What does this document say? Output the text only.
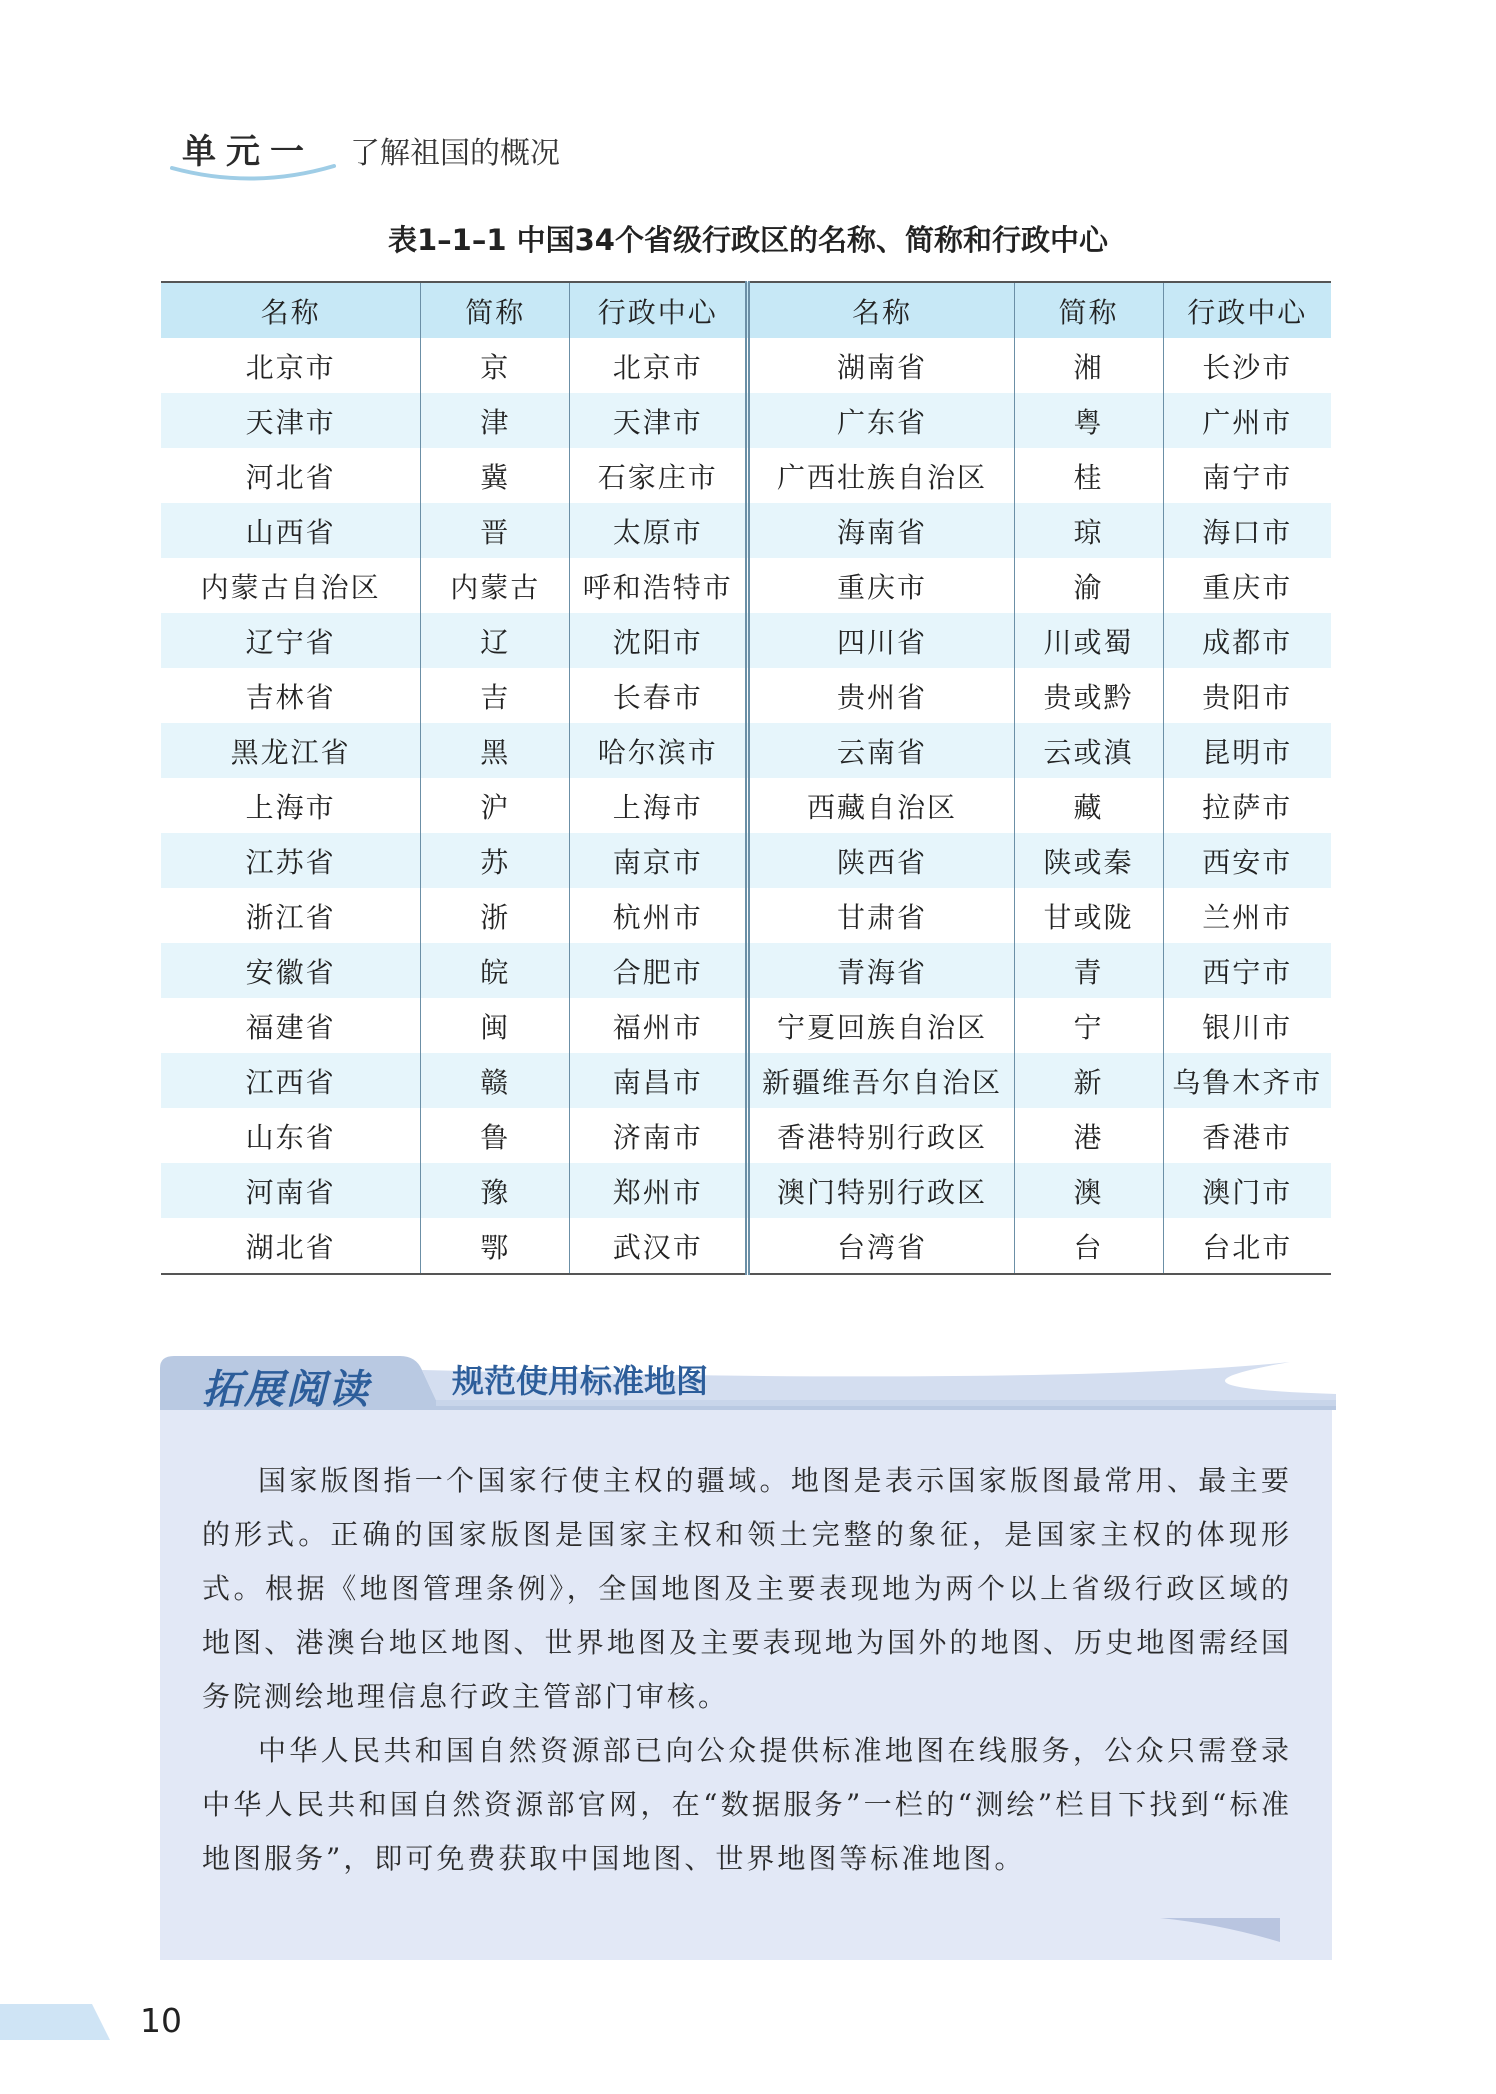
单元一 了解祖国的概况
表1–1–1 中国34个省级行政区的名称、简称和行政中心
名称	简称	行政中心	名称	简称	行政中心
北京市	京	北京市	湖南省	湘	长沙市
天津市	津	天津市	广东省	粤	广州市
河北省	冀	石家庄市	广西壮族自治区	桂	南宁市
山西省	晋	太原市	海南省	琼	海口市
内蒙古自治区	内蒙古	呼和浩特市	重庆市	渝	重庆市
辽宁省	辽	沈阳市	四川省	川或蜀	成都市
吉林省	吉	长春市	贵州省	贵或黔	贵阳市
黑龙江省	黑	哈尔滨市	云南省	云或滇	昆明市
上海市	沪	上海市	西藏自治区	藏	拉萨市
江苏省	苏	南京市	陕西省	陕或秦	西安市
浙江省	浙	杭州市	甘肃省	甘或陇	兰州市
安徽省	皖	合肥市	青海省	青	西宁市
福建省	闽	福州市	宁夏回族自治区	宁	银川市
江西省	赣	南昌市	新疆维吾尔自治区	新	乌鲁木齐市
山东省	鲁	济南市	香港特别行政区	港	香港市
河南省	豫	郑州市	澳门特别行政区	澳	澳门市
湖北省	鄂	武汉市	台湾省	台	台北市
拓展阅读	规范使用标准地图

国家版图指一个国家行使主权的疆域。地图是表示国家版图最常用、最主要的形式。正确的国家版图是国家主权和领土完整的象征，是国家主权的体现形式。根据《地图管理条例》，全国地图及主要表现地为两个以上省级行政区域的地图、港澳台地区地图、世界地图及主要表现地为国外的地图、历史地图需经国务院测绘地理信息行政主管部门审核。

中华人民共和国自然资源部已向公众提供标准地图在线服务，公众只需登录中华人民共和国自然资源部官网，在“数据服务”一栏的“测绘”栏目下找到“标准地图服务”，即可免费获取中国地图、世界地图等标准地图。

10
